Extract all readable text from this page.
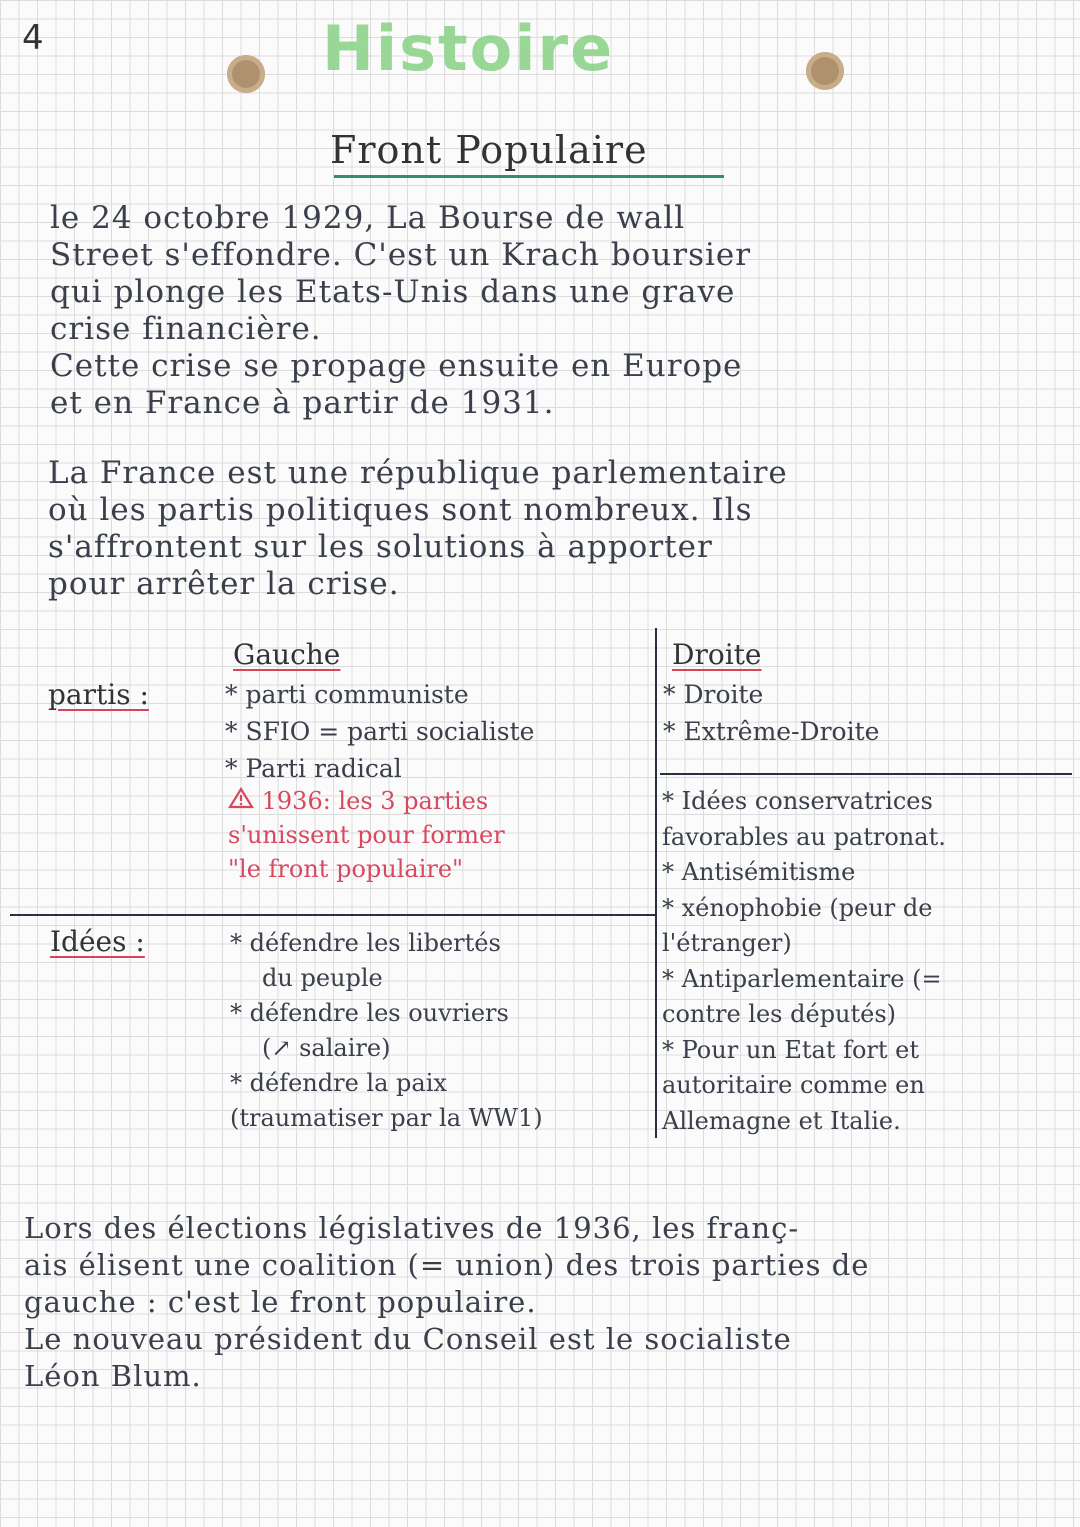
4	Histoire
Front Populaire

le 24 octobre 1929, La Bourse de wall
Street s'effondre. C'est un Krach boursier
qui plonge les Etats-Unis dans une grave
crise financière.
Cette crise se propage ensuite en Europe
et en France à partir de 1931.

La France est une république parlementaire
où les partis politiques sont nombreux. Ils
s'affrontent sur les solutions à apporter
pour arrêter la crise.

partis :
Idées :
Gauche	Droite
* parti communiste
* SFIO = parti socialiste
* Parti radical
1936: les 3 parties
s'unissent pour former
"le front populaire"
* Droite
* Extrême-Droite
* défendre les libertés
du peuple
* défendre les ouvriers
(↗ salaire)
* défendre la paix
(traumatiser par la WW1)
* Idées conservatrices
favorables au patronat.
* Antisémitisme
* xénophobie (peur de
l'étranger)
* Antiparlementaire (=
contre les députés)
* Pour un Etat fort et
autoritaire comme en
Allemagne et Italie.

Lors des élections législatives de 1936, les franç-
ais élisent une coalition (= union) des trois parties de
gauche : c'est le front populaire.
Le nouveau président du Conseil est le socialiste
Léon Blum.
